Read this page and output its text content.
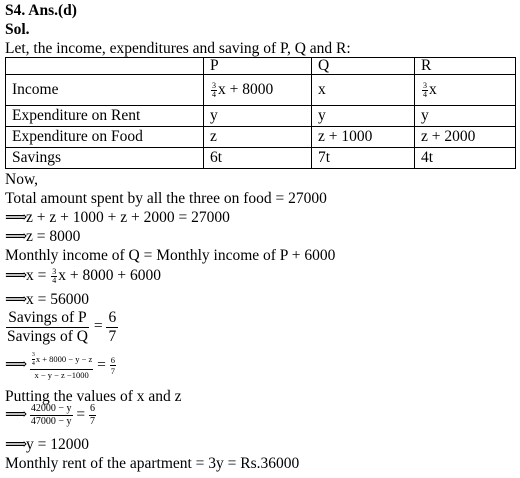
S4. Ans.(d)
Sol.
Let, the income, expenditures and saving of P, Q and R:
	P	Q	R
Income	$\frac{3}{4}$ x + 8000	x	$\frac{3}{4}$ x
Expenditure on Rent	y	y	y
Expenditure on Food	z	z + 1000	z + 2000
Savings	6t	7t	4t
Now,
Total amount spent by all the three on food = 27000
⟹z + z + 1000 + z + 2000 = 27000
⟹z = 8000
Monthly income of Q = Monthly income of P + 6000
⟹x = $\frac{3}{4}$ x + 8000 + 6000
⟹x = 56000
$\frac{\text{Savings of P}}{\text{Savings of Q}} = \frac{6}{7}$
⟹ $\frac{\frac{3}{4} x + 8000 - y - z}{x - y - z -1000} = \frac{6}{7}$
Putting the values of x and z
⟹ $\frac{42000 - y}{47000 - y} = \frac{6}{7}$
⟹y = 12000
Monthly rent of the apartment = 3y = Rs.36000
